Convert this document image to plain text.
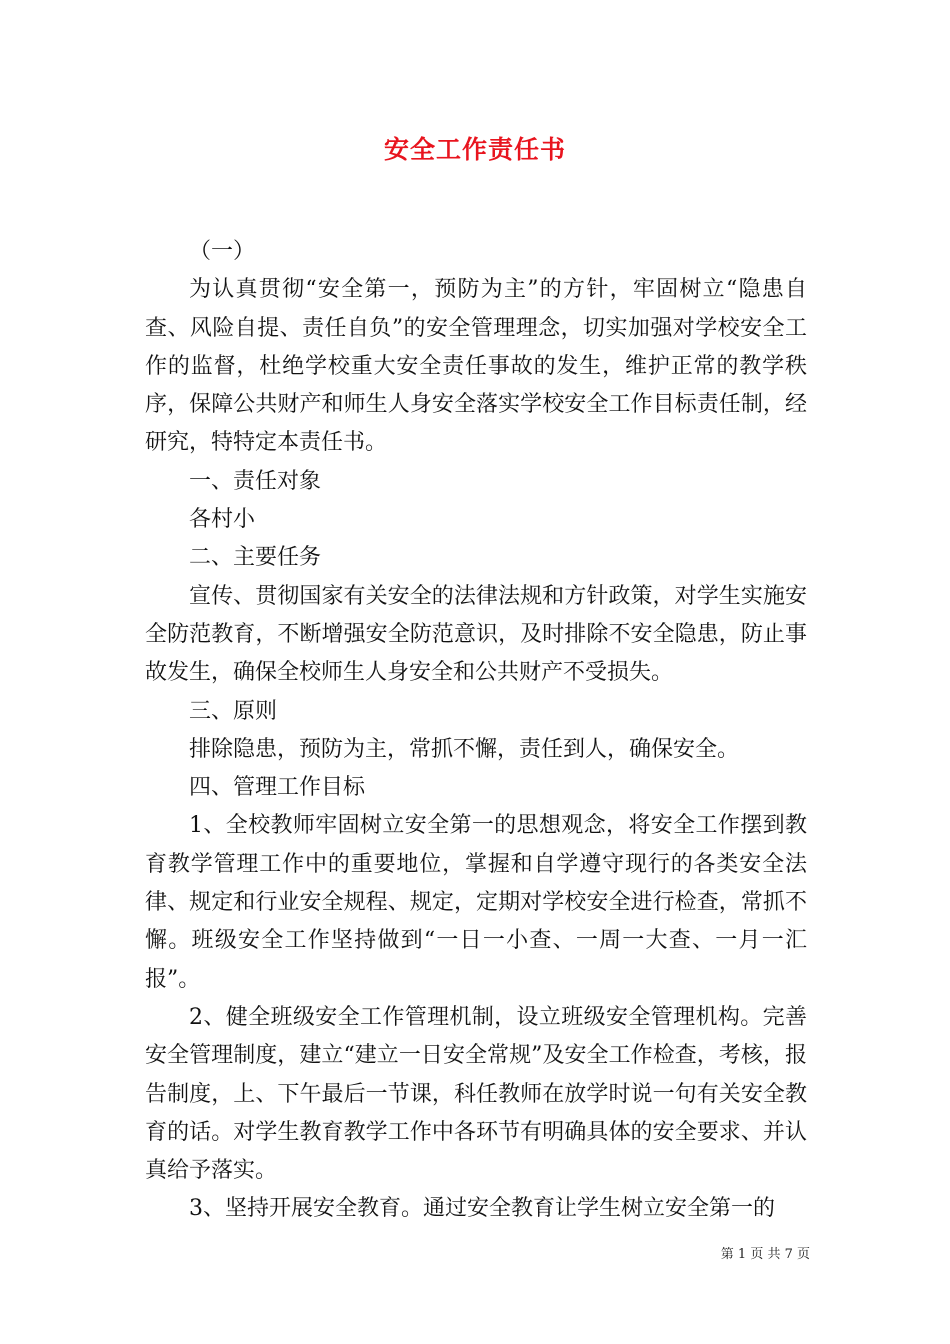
安全工作责任书

（一）

为认真贯彻“安全第一，预防为主”的方针，牢固树立“隐患自查、风险自提、责任自负”的安全管理理念，切实加强对学校安全工作的监督，杜绝学校重大安全责任事故的发生，维护正常的教学秩序，保障公共财产和师生人身安全落实学校安全工作目标责任制，经研究，特特定本责任书。

一、责任对象

各村小

二、主要任务

宣传、贯彻国家有关安全的法律法规和方针政策，对学生实施安全防范教育，不断增强安全防范意识，及时排除不安全隐患，防止事故发生，确保全校师生人身安全和公共财产不受损失。

三、原则

排除隐患，预防为主，常抓不懈，责任到人，确保安全。

四、管理工作目标

1、全校教师牢固树立安全第一的思想观念，将安全工作摆到教育教学管理工作中的重要地位，掌握和自学遵守现行的各类安全法律、规定和行业安全规程、规定，定期对学校安全进行检查，常抓不懈。班级安全工作坚持做到“一日一小查、一周一大查、一月一汇报”。

2、健全班级安全工作管理机制，设立班级安全管理机构。完善安全管理制度，建立“建立一日安全常规”及安全工作检查，考核，报告制度，上、下午最后一节课，科任教师在放学时说一句有关安全教育的话。对学生教育教学工作中各环节有明确具体的安全要求、并认真给予落实。

3、坚持开展安全教育。通过安全教育让学生树立安全第一的

第 1 页 共 7 页
